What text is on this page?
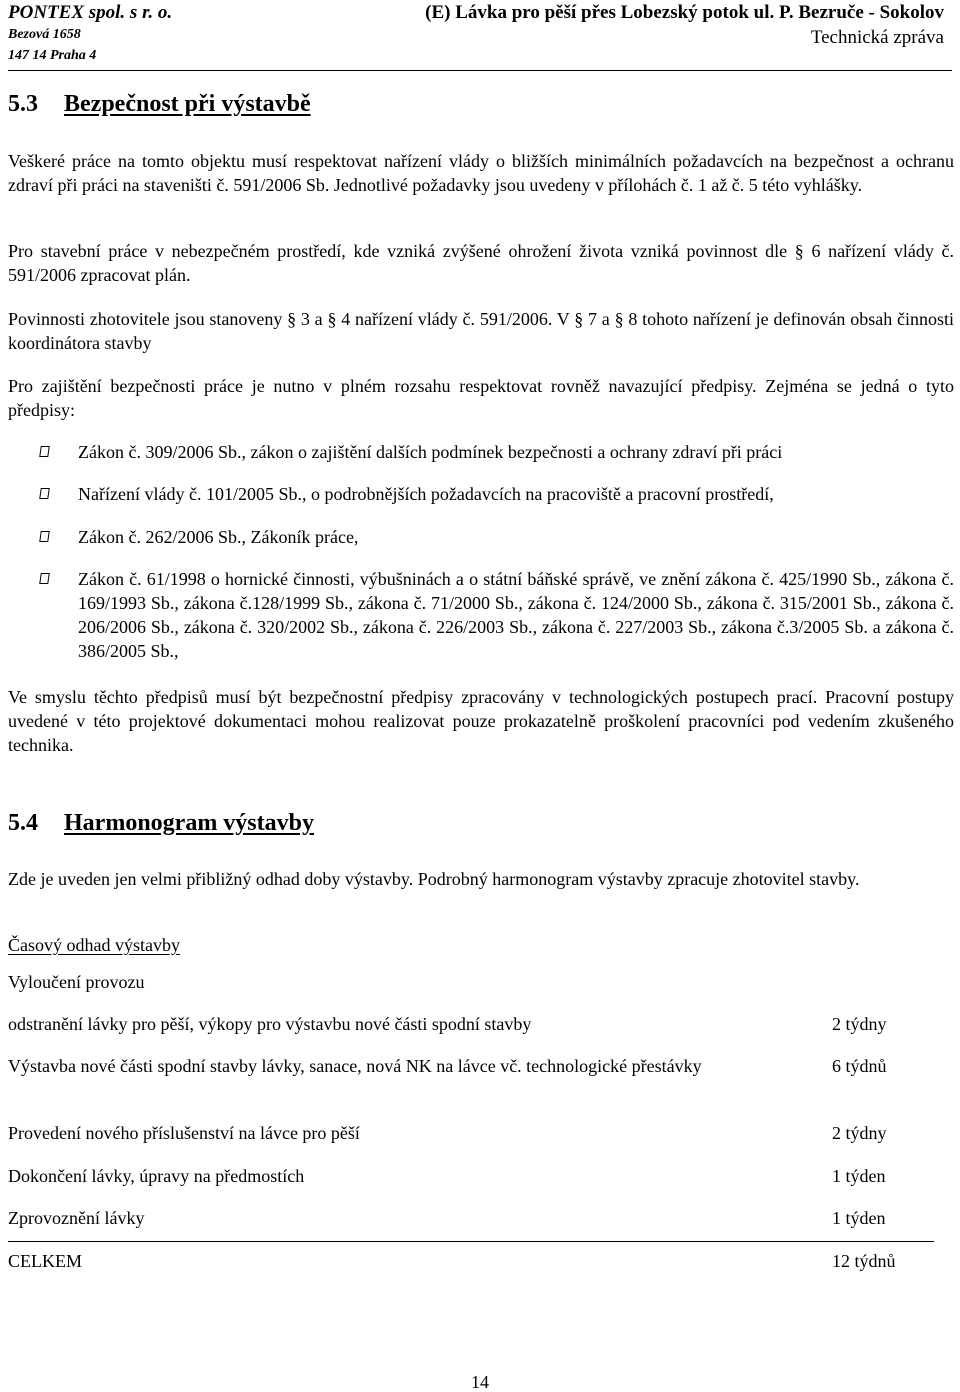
PONTEX spol. s r. o.
Bezová 1658
147 14 Praha 4
(E) Lávka pro pěší přes Lobezský potok ul. P. Bezruče - Sokolov
Technická zpráva
5.3 Bezpečnost při výstavbě

Veškeré práce na tomto objektu musí respektovat nařízení vlády o bližších minimálních požadavcích na bezpečnost a ochranu zdraví při práci na staveništi č. 591/2006 Sb. Jednotlivé požadavky jsou uvedeny v přílohách č. 1 až č. 5 této vyhlášky.

Pro stavební práce v nebezpečném prostředí, kde vzniká zvýšené ohrožení života vzniká povinnost dle § 6 nařízení vlády č. 591/2006 zpracovat plán.

Povinnosti zhotovitele jsou stanoveny § 3 a § 4 nařízení vlády č. 591/2006. V § 7 a § 8 tohoto nařízení je definován obsah činnosti koordinátora stavby

Pro zajištění bezpečnosti práce je nutno v plném rozsahu respektovat rovněž navazující předpisy. Zejména se jedná o tyto předpisy:

Zákon č. 309/2006 Sb., zákon o zajištění dalších podmínek bezpečnosti a ochrany zdraví při práci

Nařízení vlády č. 101/2005 Sb., o podrobnějších požadavcích na pracoviště a pracovní prostředí,

Zákon č. 262/2006 Sb., Zákoník práce,

Zákon č. 61/1998 o hornické činnosti, výbušninách a o státní báňské správě, ve znění zákona č. 425/1990 Sb., zákona č. 169/1993 Sb., zákona č.128/1999 Sb., zákona č. 71/2000 Sb., zákona č. 124/2000 Sb., zákona č. 315/2001 Sb., zákona č. 206/2006 Sb., zákona č. 320/2002 Sb., zákona č. 226/2003 Sb., zákona č. 227/2003 Sb., zákona č.3/2005 Sb. a zákona č. 386/2005 Sb.,

Ve smyslu těchto předpisů musí být bezpečnostní předpisy zpracovány v technologických postupech prací. Pracovní postupy uvedené v této projektové dokumentaci mohou realizovat pouze prokazatelně proškolení pracovníci pod vedením zkušeného technika.

5.4 Harmonogram výstavby

Zde je uveden jen velmi přibližný odhad doby výstavby. Podrobný harmonogram výstavby zpracuje zhotovitel stavby.

Časový odhad výstavby

Vyloučení provozu

odstranění lávky pro pěší, výkopy pro výstavbu nové části spodní stavby	2 týdny

Výstavba nové části spodní stavby lávky, sanace, nová NK na lávce vč. technologické přestávky	6 týdnů

Provedení nového příslušenství na lávce pro pěší	2 týdny

Dokončení lávky, úpravy na předmostích	1 týden

Zprovoznění lávky	1 týden

CELKEM	12 týdnů

14
